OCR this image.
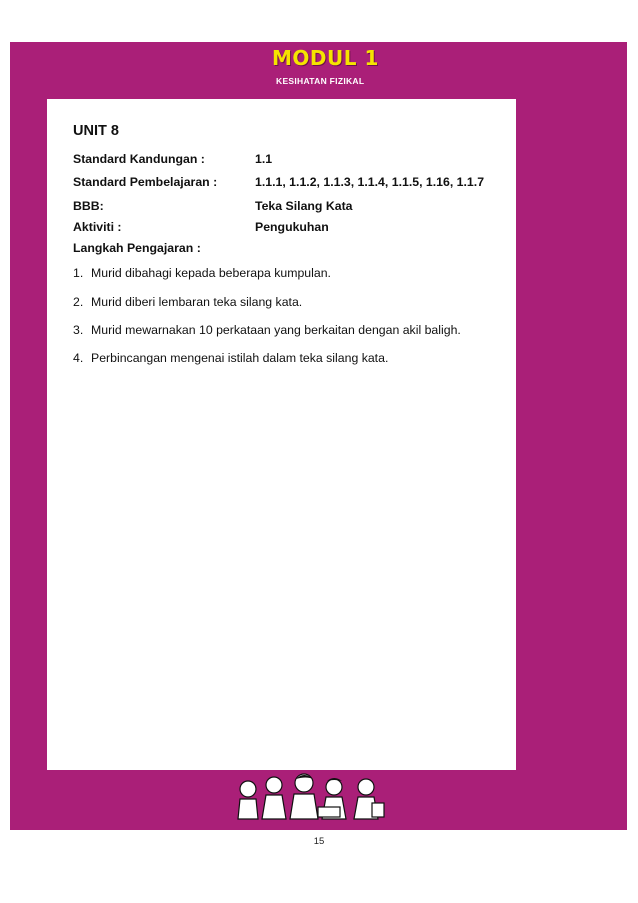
MODUL 1
KESIHATAN FIZIKAL
UNIT 8
Standard Kandungan :	1.1
Standard Pembelajaran :	1.1.1, 1.1.2, 1.1.3, 1.1.4, 1.1.5, 1.16, 1.1.7
BBB:	Teka Silang Kata
Aktiviti :	Pengukuhan
Langkah Pengajaran :
1. Murid dibahagi kepada beberapa kumpulan.
2. Murid diberi lembaran teka silang kata.
3. Murid mewarnakan 10 perkataan yang berkaitan dengan akil baligh.
4. Perbincangan mengenai istilah dalam teka silang kata.
15
